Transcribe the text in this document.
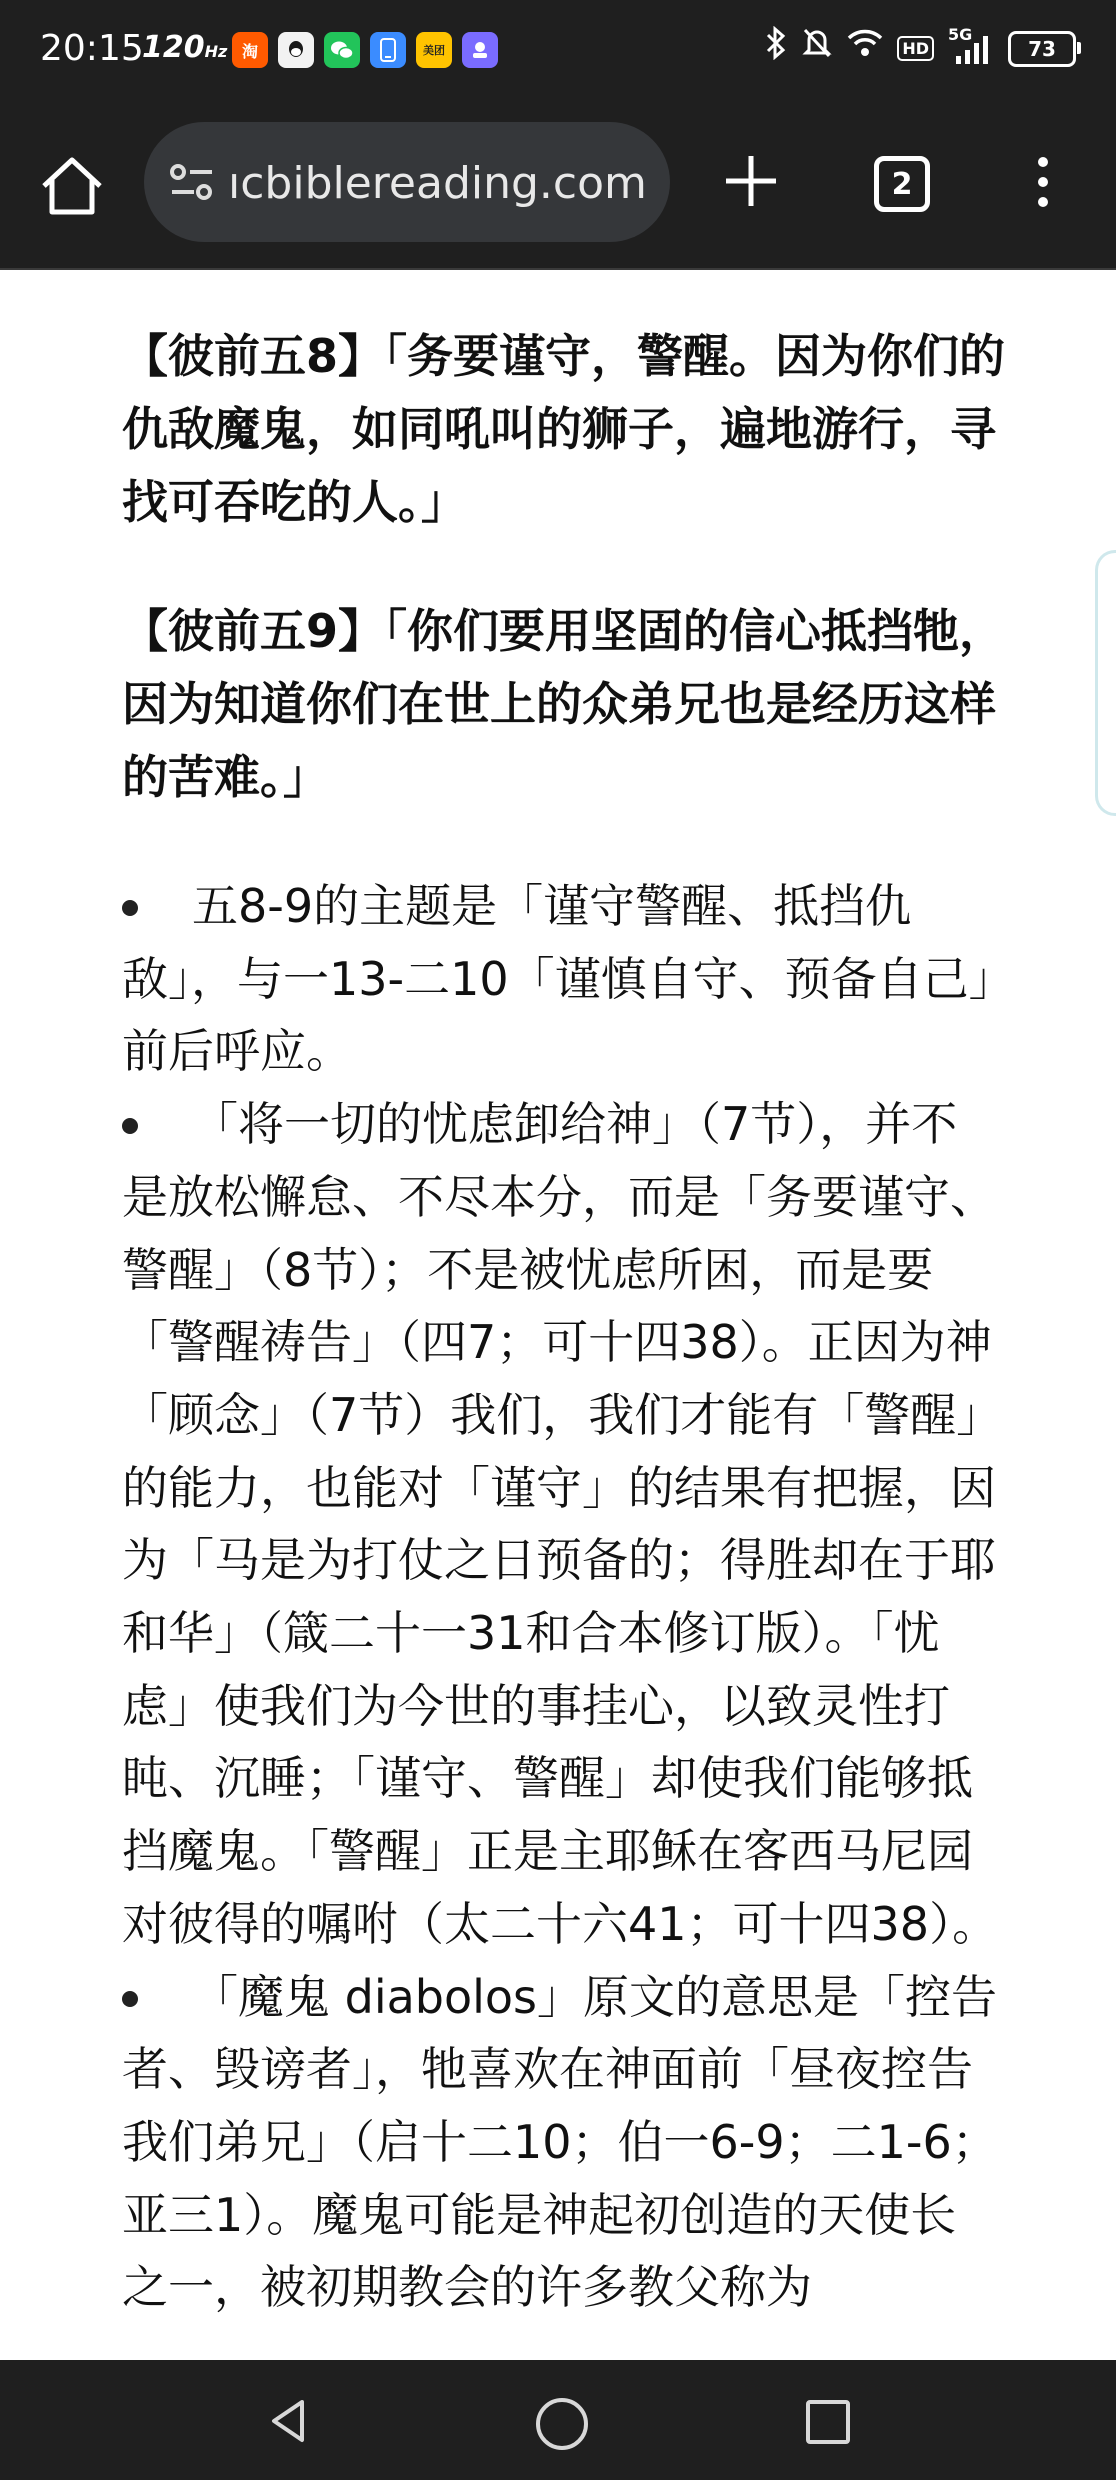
20:15
120Hz 淘	美团	HD
5G
73
ıcbiblereading.com	2

【彼前五8】「务要谨守，警醒。因为你们的仇敌魔鬼，如同吼叫的狮子，遍地游行，寻找可吞吃的人。」

【彼前五9】「你们要用坚固的信心抵挡牠，因为知道你们在世上的众弟兄也是经历这样的苦难。」

五8-9的主题是「谨守警醒、抵挡仇敌」，与一13-二10「谨慎自守、预备自己」前后呼应。
「将一切的忧虑卸给神」（7节），并不是放松懈怠、不尽本分，而是「务要谨守、警醒」（8节）；不是被忧虑所困，而是要「警醒祷告」（四7；可十四38）。正因为神「顾念」（7节）我们，我们才能有「警醒」的能力，也能对「谨守」的结果有把握，因为「马是为打仗之日预备的；得胜却在于耶和华」（箴二十一31和合本修订版）。「忧虑」使我们为今世的事挂心，以致灵性打盹、沉睡；「谨守、警醒」却使我们能够抵挡魔鬼。「警醒」正是主耶稣在客西马尼园对彼得的嘱咐（太二十六41；可十四38）。
「魔鬼 diabolos」原文的意思是「控告者、毁谤者」，牠喜欢在神面前「昼夜控告我们弟兄」（启十二10；伯一6-9；二1-6；亚三1）。魔鬼可能是神起初创造的天使长之一，被初期教会的许多教父称为
